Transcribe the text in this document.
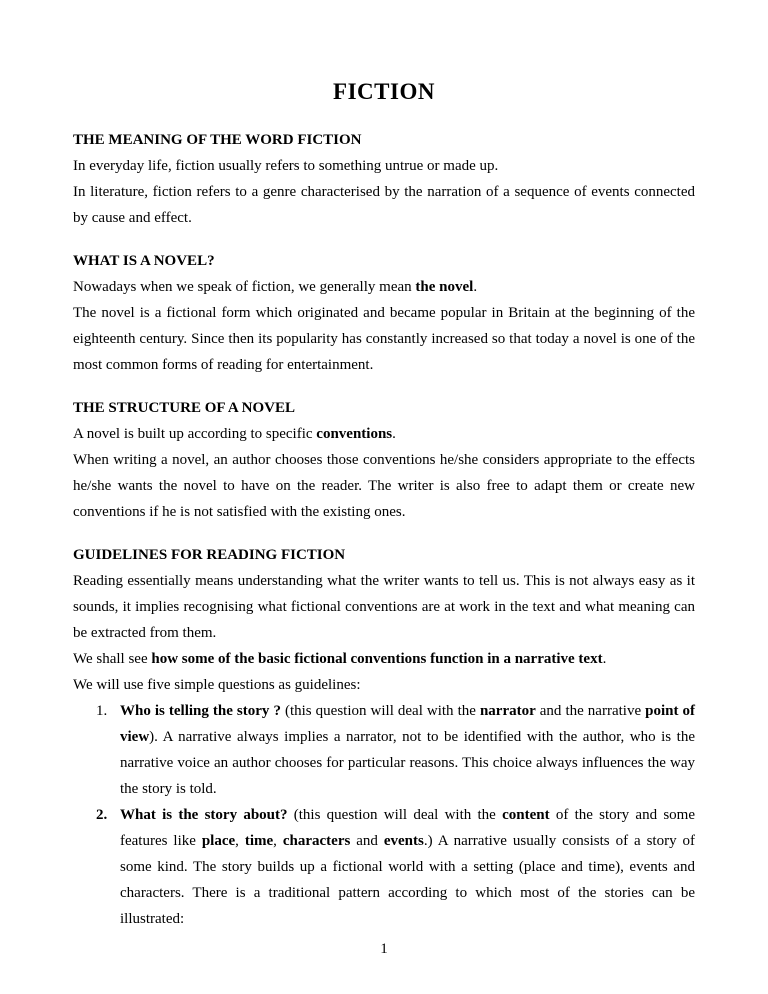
FICTION
THE MEANING OF THE WORD FICTION

In everyday life, fiction usually refers to something untrue or made up.

In literature, fiction refers to a genre characterised by the narration of a sequence of events connected by cause and effect.

WHAT IS A NOVEL?

Nowadays when we speak of fiction, we generally mean the novel.

The novel is a fictional form which originated and became popular in Britain at the beginning of the eighteenth century. Since then its popularity has constantly increased so that today a novel is one of the most common forms of reading for entertainment.

THE STRUCTURE OF A NOVEL

A novel is built up according to specific conventions.

When writing a novel, an author chooses those conventions he/she considers appropriate to the effects he/she wants the novel to have on the reader. The writer is also free to adapt them or create new conventions if he is not satisfied with the existing ones.

GUIDELINES FOR READING FICTION

Reading essentially means understanding what the writer wants to tell us. This is not always easy as it sounds, it implies recognising what fictional conventions are at work in the text and what meaning can be extracted from them.

We shall see how some of the basic fictional conventions function in a narrative text.

We will use five simple questions as guidelines:

1. Who is telling the story ? (this question will deal with the narrator and the narrative point of view). A narrative always implies a narrator, not to be identified with the author, who is the narrative voice an author chooses for particular reasons. This choice always influences the way the story is told.
2. What is the story about? (this question will deal with the content of the story and some features like place, time, characters and events.) A narrative usually consists of a story of some kind. The story builds up a fictional world with a setting (place and time), events and characters. There is a traditional pattern according to which most of the stories can be illustrated:
1
